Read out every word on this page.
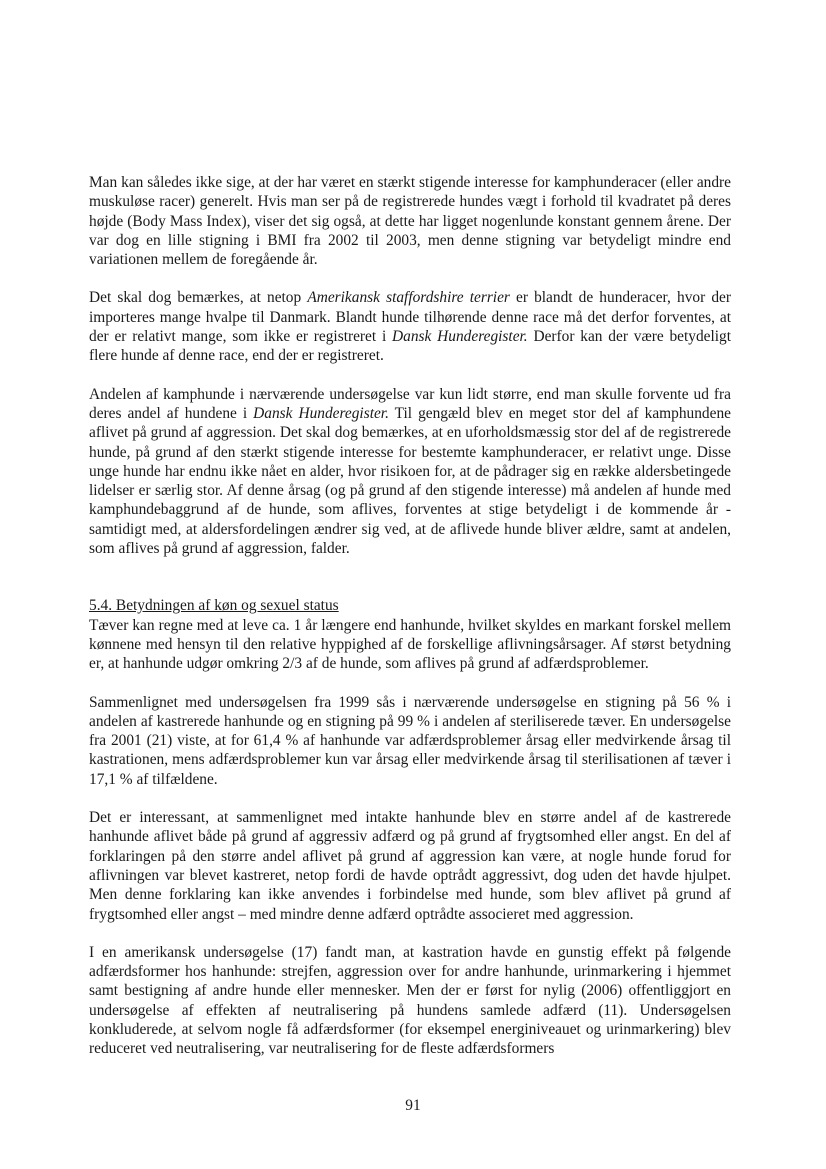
Man kan således ikke sige, at der har været en stærkt stigende interesse for kamphunderacer (eller andre muskuløse racer) generelt. Hvis man ser på de registrerede hundes vægt i forhold til kvadratet på deres højde (Body Mass Index), viser det sig også, at dette har ligget nogenlunde konstant gennem årene. Der var dog en lille stigning i BMI fra 2002 til 2003, men denne stigning var betydeligt mindre end variationen mellem de foregående år.

Det skal dog bemærkes, at netop Amerikansk staffordshire terrier er blandt de hunderacer, hvor der importeres mange hvalpe til Danmark. Blandt hunde tilhørende denne race må det derfor forventes, at der er relativt mange, som ikke er registreret i Dansk Hunderegister. Derfor kan der være betydeligt flere hunde af denne race, end der er registreret.

Andelen af kamphunde i nærværende undersøgelse var kun lidt større, end man skulle forvente ud fra deres andel af hundene i Dansk Hunderegister. Til gengæld blev en meget stor del af kamphundene aflivet på grund af aggression. Det skal dog bemærkes, at en uforholdsmæssig stor del af de registrerede hunde, på grund af den stærkt stigende interesse for bestemte kamphunderacer, er relativt unge. Disse unge hunde har endnu ikke nået en alder, hvor risikoen for, at de pådrager sig en række aldersbetingede lidelser er særlig stor. Af denne årsag (og på grund af den stigende interesse) må andelen af hunde med kamphundebaggrund af de hunde, som aflives, forventes at stige betydeligt i de kommende år - samtidigt med, at aldersfordelingen ændrer sig ved, at de aflivede hunde bliver ældre, samt at andelen, som aflives på grund af aggression, falder.

5.4. Betydningen af køn og sexuel status

Tæver kan regne med at leve ca. 1 år længere end hanhunde, hvilket skyldes en markant forskel mellem kønnene med hensyn til den relative hyppighed af de forskellige aflivningsårsager. Af størst betydning er, at hanhunde udgør omkring 2/3 af de hunde, som aflives på grund af adfærdsproblemer.

Sammenlignet med undersøgelsen fra 1999 sås i nærværende undersøgelse en stigning på 56 % i andelen af kastrerede hanhunde og en stigning på 99 % i andelen af steriliserede tæver. En undersøgelse fra 2001 (21) viste, at for 61,4 % af hanhunde var adfærdsproblemer årsag eller medvirkende årsag til kastrationen, mens adfærdsproblemer kun var årsag eller medvirkende årsag til sterilisationen af tæver i 17,1 % af tilfældene.

Det er interessant, at sammenlignet med intakte hanhunde blev en større andel af de kastrerede hanhunde aflivet både på grund af aggressiv adfærd og på grund af frygtsomhed eller angst. En del af forklaringen på den større andel aflivet på grund af aggression kan være, at nogle hunde forud for aflivningen var blevet kastreret, netop fordi de havde optrådt aggressivt, dog uden det havde hjulpet. Men denne forklaring kan ikke anvendes i forbindelse med hunde, som blev aflivet på grund af frygtsomhed eller angst – med mindre denne adfærd optrådte associeret med aggression.

I en amerikansk undersøgelse (17) fandt man, at kastration havde en gunstig effekt på følgende adfærdsformer hos hanhunde: strejfen, aggression over for andre hanhunde, urinmarkering i hjemmet samt bestigning af andre hunde eller mennesker. Men der er først for nylig (2006) offentliggjort en undersøgelse af effekten af neutralisering på hundens samlede adfærd (11). Undersøgelsen konkluderede, at selvom nogle få adfærdsformer (for eksempel energiniveauet og urinmarkering) blev reduceret ved neutralisering, var neutralisering for de fleste adfærdsformers

91
